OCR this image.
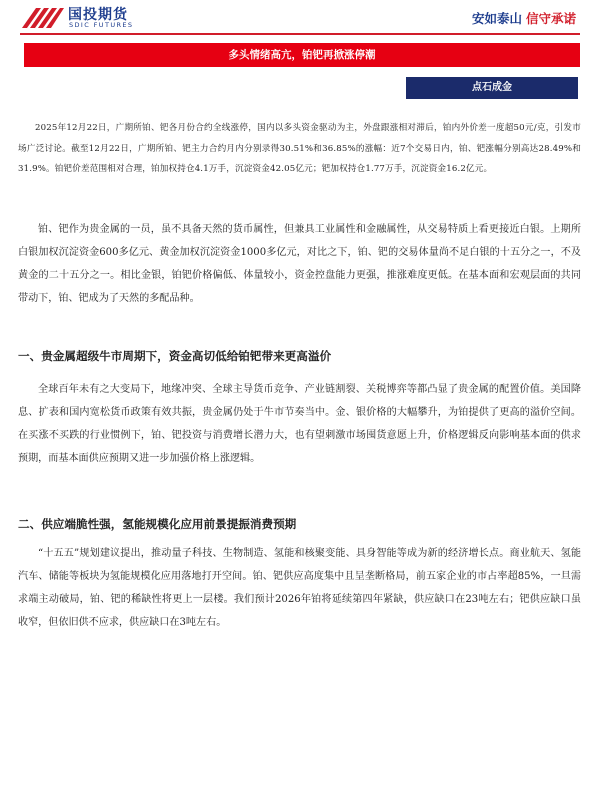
国投期货
SDIC FUTURES	安如泰山 信守承诺
多头情绪高亢，铂钯再掀涨停潮
点石成金

2025年12月22日，广期所铂、钯各月份合约全线涨停，国内以多头资金驱动为主，外盘跟涨相对滞后，铂内外价差一度超50元/克，引发市场广泛讨论。截至12月22日，广期所铂、钯主力合约月内分别录得30.51%和36.85%的涨幅：近7个交易日内，铂、钯涨幅分别高达28.49%和31.9%。铂钯价差范围相对合理，铂加权持仓4.1万手，沉淀资金42.05亿元；钯加权持仓1.77万手，沉淀资金16.2亿元。

铂、钯作为贵金属的一员，虽不具备天然的货币属性，但兼具工业属性和金融属性，从交易特质上看更接近白银。上期所白银加权沉淀资金600多亿元、黄金加权沉淀资金1000多亿元，对比之下，铂、钯的交易体量尚不足白银的十五分之一，不及黄金的二十五分之一。相比金银，铂钯价格偏低、体量较小，资金控盘能力更强，推涨难度更低。在基本面和宏观层面的共同带动下，铂、钯成为了天然的多配品种。

一、贵金属超级牛市周期下，资金高切低给铂钯带来更高溢价

全球百年未有之大变局下，地缘冲突、全球主导货币竞争、产业链割裂、关税博弈等都凸显了贵金属的配置价值。美国降息、扩表和国内宽松货币政策有效共振，贵金属仍处于牛市节奏当中。金、银价格的大幅攀升，为铂提供了更高的溢价空间。在买涨不买跌的行业惯例下，铂、钯投资与消费增长潜力大，也有望刺激市场囤货意愿上升，价格逻辑反向影响基本面的供求预期，而基本面供应预期又进一步加强价格上涨逻辑。

二、供应端脆性强，氢能规模化应用前景提振消费预期

“十五五”规划建议提出，推动量子科技、生物制造、氢能和核聚变能、具身智能等成为新的经济增长点。商业航天、氢能汽车、储能等板块为氢能规模化应用落地打开空间。铂、钯供应高度集中且呈垄断格局，前五家企业的市占率超85%，一旦需求端主动破局，铂、钯的稀缺性将更上一层楼。我们预计2026年铂将延续第四年紧缺，供应缺口在23吨左右；钯供应缺口虽收窄，但依旧供不应求，供应缺口在3吨左右。
